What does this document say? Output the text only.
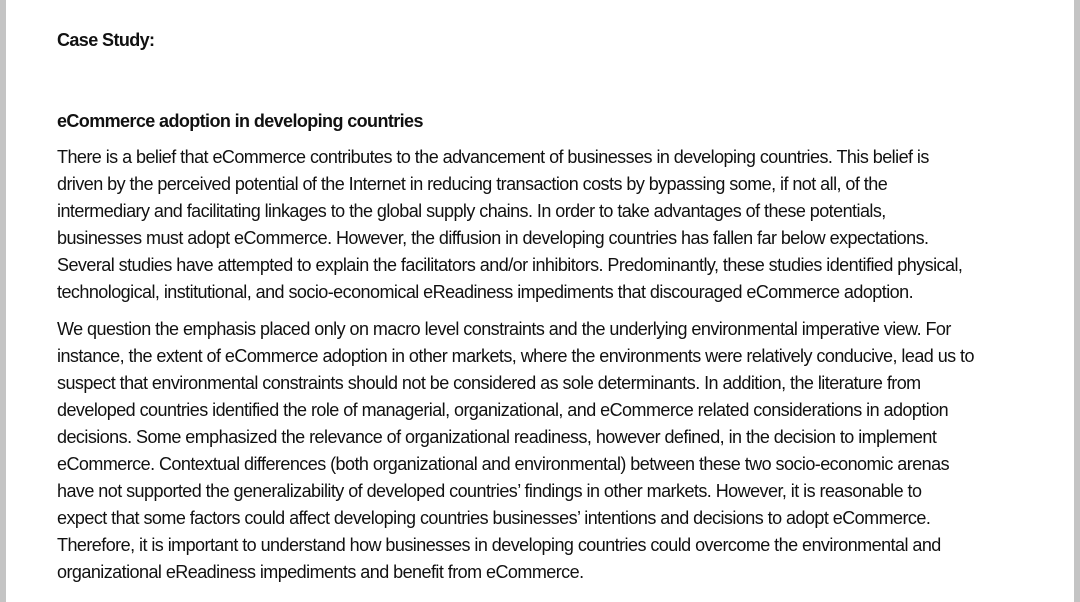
Case Study:

eCommerce adoption in developing countries

There is a belief that eCommerce contributes to the advancement of businesses in developing countries. This belief is
driven by the perceived potential of the Internet in reducing transaction costs by bypassing some, if not all, of the
intermediary and facilitating linkages to the global supply chains. In order to take advantages of these potentials,
businesses must adopt eCommerce. However, the diffusion in developing countries has fallen far below expectations.
Several studies have attempted to explain the facilitators and/or inhibitors. Predominantly, these studies identified physical,
technological, institutional, and socio-economical eReadiness impediments that discouraged eCommerce adoption.

We question the emphasis placed only on macro level constraints and the underlying environmental imperative view. For
instance, the extent of eCommerce adoption in other markets, where the environments were relatively conducive, lead us to
suspect that environmental constraints should not be considered as sole determinants. In addition, the literature from
developed countries identified the role of managerial, organizational, and eCommerce related considerations in adoption
decisions. Some emphasized the relevance of organizational readiness, however defined, in the decision to implement
eCommerce. Contextual differences (both organizational and environmental) between these two socio-economic arenas
have not supported the generalizability of developed countries’ findings in other markets. However, it is reasonable to
expect that some factors could affect developing countries businesses’ intentions and decisions to adopt eCommerce.
Therefore, it is important to understand how businesses in developing countries could overcome the environmental and
organizational eReadiness impediments and benefit from eCommerce.
